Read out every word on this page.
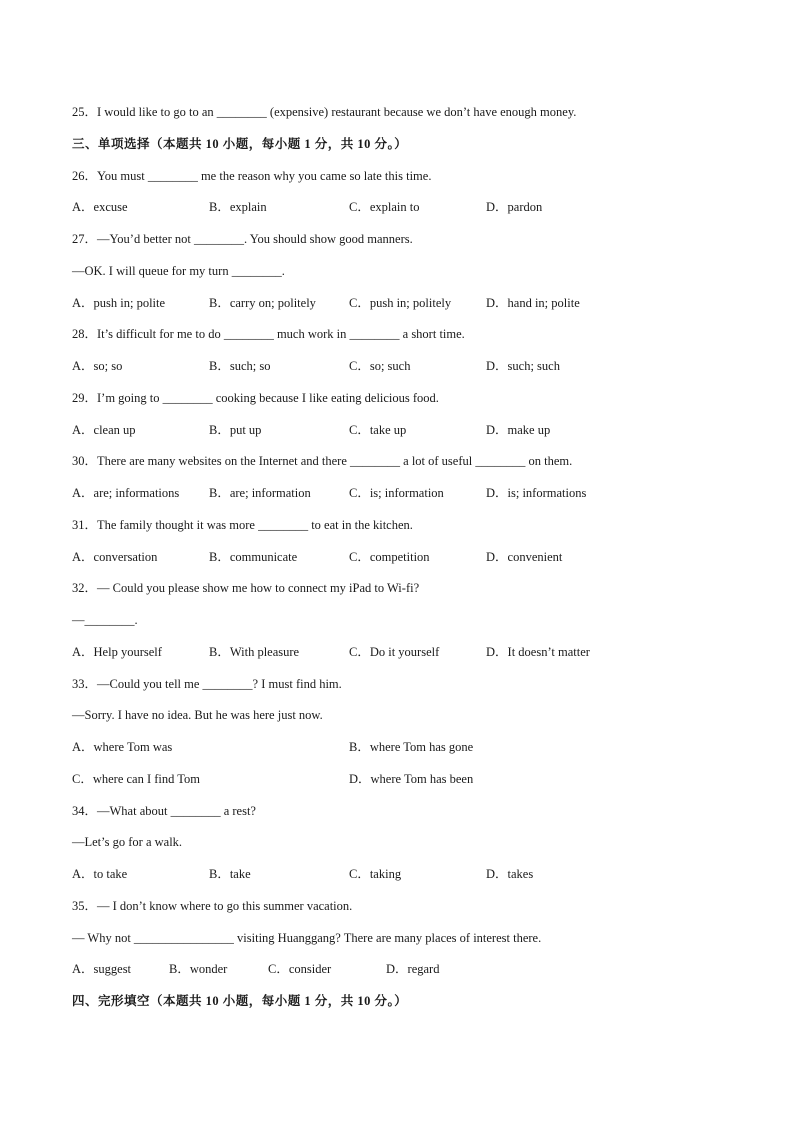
25．I would like to go to an ________ (expensive) restaurant because we don’t have enough money.
三、单项选择（本题共 10 小题，每小题 1 分，共 10 分。）
26．You must ________ me the reason why you came so late this time.
A．excuse	B．explain	C．explain to	D．pardon
27．—You’d better not ________. You should show good manners.
—OK. I will queue for my turn ________.
A．push in; polite	B．carry on; politely	C．push in; politely	D．hand in; polite
28．It’s difficult for me to do ________ much work in ________ a short time.
A．so; so	B．such; so	C．so; such	D．such; such
29．I’m going to ________ cooking because I like eating delicious food.
A．clean up	B．put up	C．take up	D．make up
30．There are many websites on the Internet and there ________ a lot of useful ________ on them.
A．are; informations B．are; information	C．is; information	D．is; informations
31．The family thought it was more ________ to eat in the kitchen.
A．conversation	B．communicate	C．competition	D．convenient
32．— Could you please show me how to connect my iPad to Wi-fi?
—________.
A．Help yourself	B．With pleasure	C．Do it yourself	D．It doesn’t matter
33．—Could you tell me ________? I must find him.
—Sorry. I have no idea. But he was here just now.
A．where Tom was	B．where Tom has gone
C．where can I find Tom	D．where Tom has been
34．—What about ________ a rest?
—Let’s go for a walk.
A．to take	B．take	C．taking	D．takes
35．— I don’t know where to go this summer vacation.
— Why not ________________ visiting Huanggang? There are many places of interest there.
A．suggest	B．wonder	C．consider	D．regard
四、完形填空（本题共 10 小题，每小题 1 分，共 10 分。）
